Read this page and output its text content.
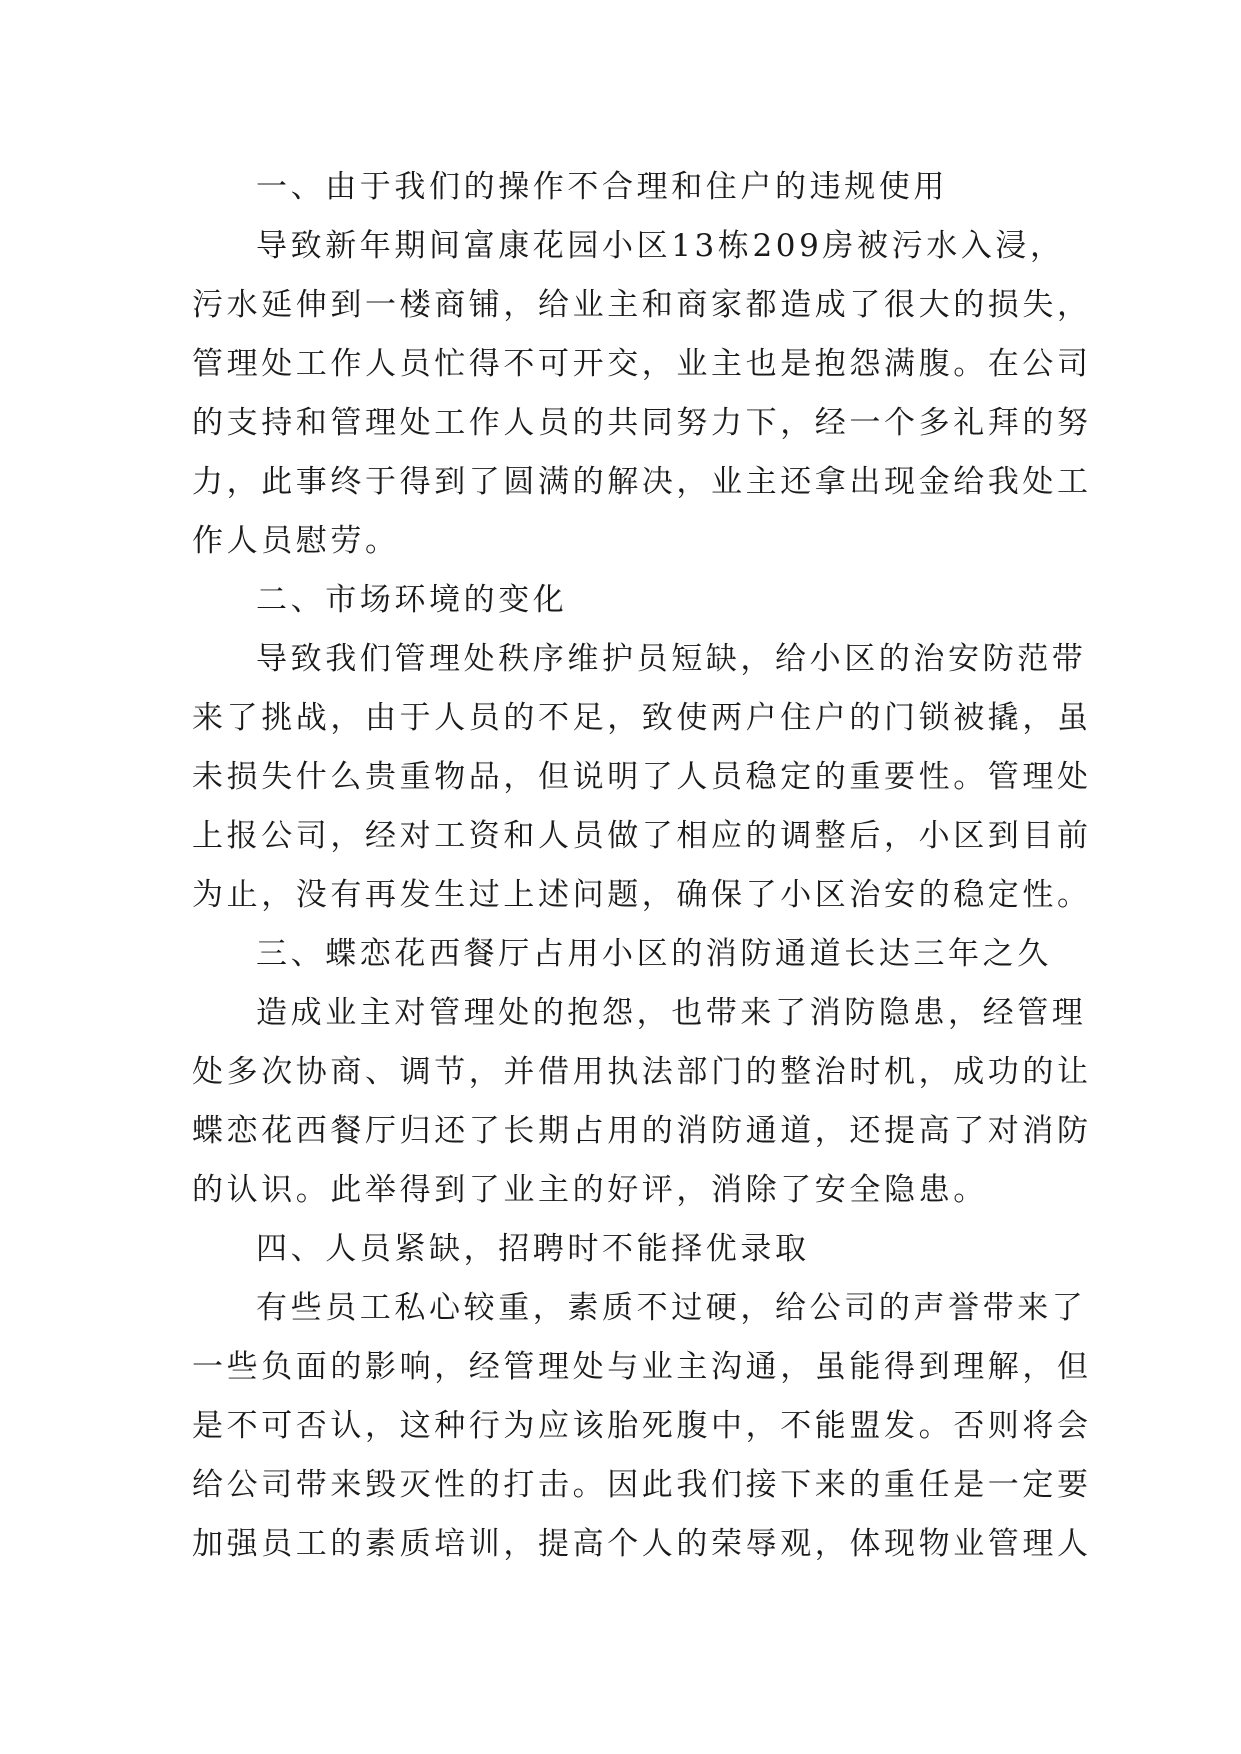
一、由于我们的操作不合理和住户的违规使用
导致新年期间富康花园小区13栋209房被污水入浸，
污水延伸到一楼商铺，给业主和商家都造成了很大的损失，
管理处工作人员忙得不可开交，业主也是抱怨满腹。在公司
的支持和管理处工作人员的共同努力下，经一个多礼拜的努
力，此事终于得到了圆满的解决，业主还拿出现金给我处工
作人员慰劳。
二、市场环境的变化
导致我们管理处秩序维护员短缺，给小区的治安防范带
来了挑战，由于人员的不足，致使两户住户的门锁被撬，虽
未损失什么贵重物品，但说明了人员稳定的重要性。管理处
上报公司，经对工资和人员做了相应的调整后，小区到目前
为止，没有再发生过上述问题，确保了小区治安的稳定性。
三、蝶恋花西餐厅占用小区的消防通道长达三年之久
造成业主对管理处的抱怨，也带来了消防隐患，经管理
处多次协商、调节，并借用执法部门的整治时机，成功的让
蝶恋花西餐厅归还了长期占用的消防通道，还提高了对消防
的认识。此举得到了业主的好评，消除了安全隐患。
四、人员紧缺，招聘时不能择优录取
有些员工私心较重，素质不过硬，给公司的声誉带来了
一些负面的影响，经管理处与业主沟通，虽能得到理解，但
是不可否认，这种行为应该胎死腹中，不能盟发。否则将会
给公司带来毁灭性的打击。因此我们接下来的重任是一定要
加强员工的素质培训，提高个人的荣辱观，体现物业管理人
